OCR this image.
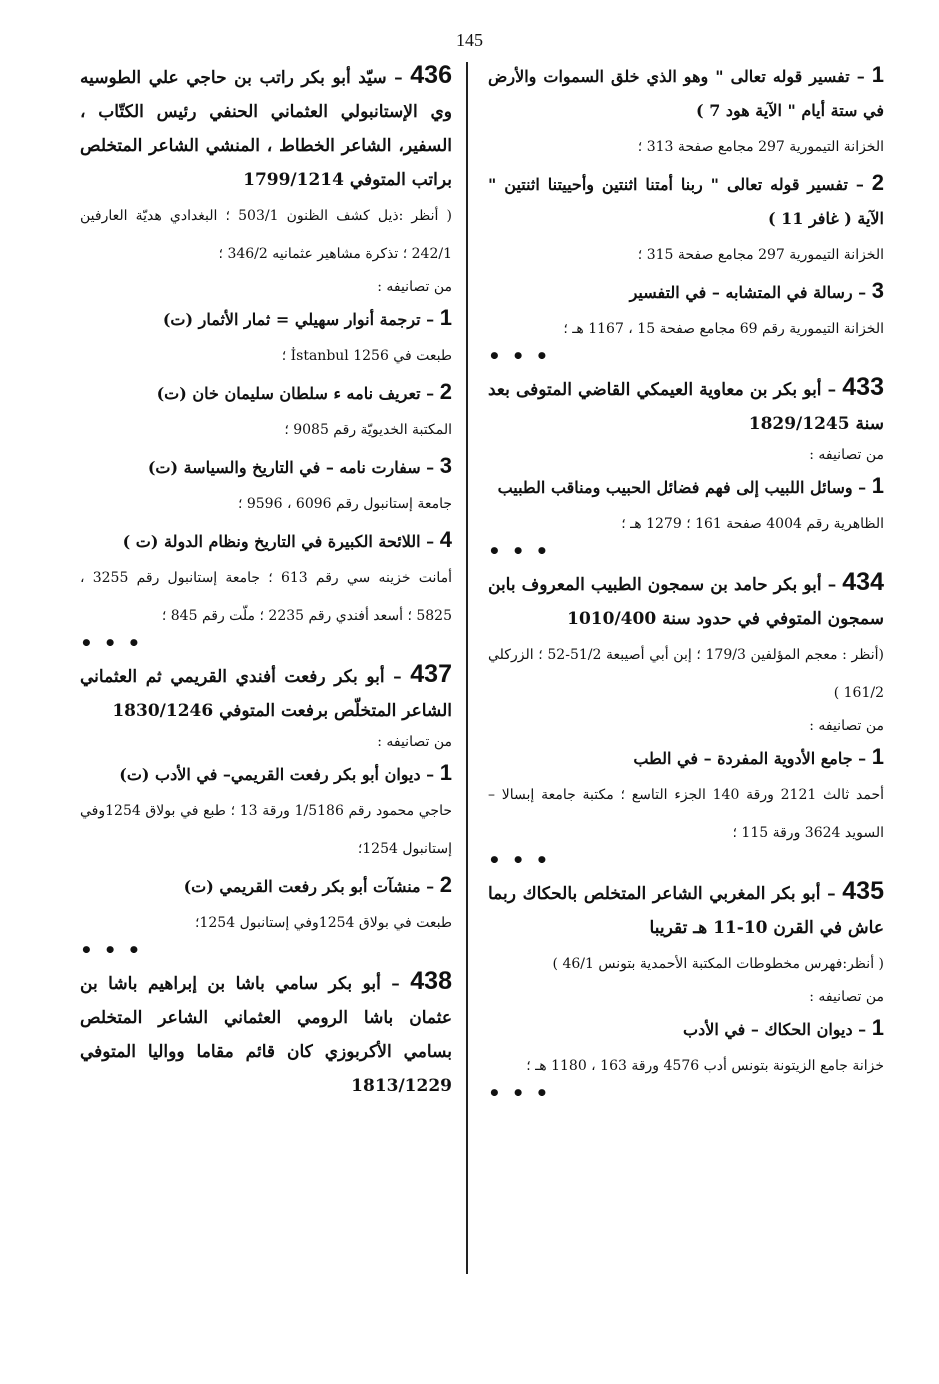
145

1 – تفسير قوله تعالى " وهو الذي خلق السموات والأرض في ستة أيام " الآية هود 7 )

الخزانة التيمورية 297 مجامع صفحة 313 ؛

2 – تفسير قوله تعالى " ربنا أمتنا اثنتين وأحييتنا اثنتين " الآية ( غافر 11 )

الخزانة التيمورية 297 مجامع صفحة 315 ؛

3 – رسالة في المتشابه – في التفسير

الخزانة التيمورية رقم 69 مجامع صفحة 15 ، 1167 هـ ؛

• • •

433 – أبو بكر بن معاوية العيمكي القاضي المتوفى بعد سنة 1829/1245

من تصانيفه :

1 – وسائل اللبيب إلى فهم فضائل الحبيب ومناقب الطبيب

الظاهرية رقم 4004 صفحة 161 ؛ 1279 هـ ؛

• • •

434 – أبو بكر حامد بن سمجون الطبيب المعروف بابن سمجون المتوفي في حدود سنة 1010/400

(أنظر : معجم المؤلفين 179/3 ؛ إبن أبي أصيبعة 51/2-52 ؛ الزركلي 161/2 )

من تصانيفه :

1 – جامع الأدوية المفردة – في الطب

أحمد ثالث 2121 ورقة 140 الجزء التاسع ؛ مكتبة جامعة إبسالا – السويد 3624 ورقة 115 ؛

• • •

435 – أبو بكر المغربي الشاعر المتخلص بالحكاك ربما عاش في القرن 10-11 هـ تقريبا

( أنظر:فهرس مخطوطات المكتبة الأحمدية بتونس 46/1 )

من تصانيفه :

1 – ديوان الحكاك – في الأدب

خزانة جامع الزيتونة بتونس أدب 4576 ورقة 163 ، 1180 هـ ؛

• • •

436 – سيّد أبو بكر راتب بن حاجي علي الطوسيه وي الإستانبولي العثماني الحنفي رئيس الكتّاب ، السفير، الشاعر الخطاط ، المنشي الشاعر المتخلص براتب المتوفي 1799/1214

( أنظر :ذيل كشف الظنون 503/1 ؛ البغدادي هديّة العارفين 242/1 ؛ تذكرة مشاهير عثمانيه 346/2 ؛

من تصانيفه :

1 – ترجمة أنوار سهيلي = ثمار الأثمار (ت)

طبعت في İstanbul 1256 ؛

2 – تعريف نامه ء سلطان سليمان خان (ت)

المكتبة الخديويّة رقم 9085 ؛

3 – سفارت نامه – في التاريخ والسياسة (ت)

جامعة إستانبول رقم 6096 ، 9596 ؛

4 – اللائحة الكبيرة في التاريخ ونظام الدولة (ت )

أمانت خزينه سي رقم 613 ؛ جامعة إستانبول رقم 3255 ، 5825 ؛ أسعد أفندي رقم 2235 ؛ ملّت رقم 845 ؛

• • •

437 – أبو بكر رفعت أفندي القريمي ثم العثماني الشاعر المتخلّص برفعت المتوفي 1830/1246

من تصانيفه :

1 – ديوان أبو بكر رفعت القريمي– في الأدب (ت)

حاجي محمود رقم 1/5186 ورقة 13 ؛ طبع في بولاق 1254وفي إستانبول 1254؛

2 – منشآت أبو بكر رفعت القريمي (ت)

طبعت في بولاق 1254وفي إستانبول 1254؛

• • •

438 – أبو بكر سامي باشا بن إبراهيم باشا بن عثمان باشا الرومي العثماني الشاعر المتخلص بسامي الأكربوزي كان قائم مقاما ووالیا المتوفي 1813/1229
